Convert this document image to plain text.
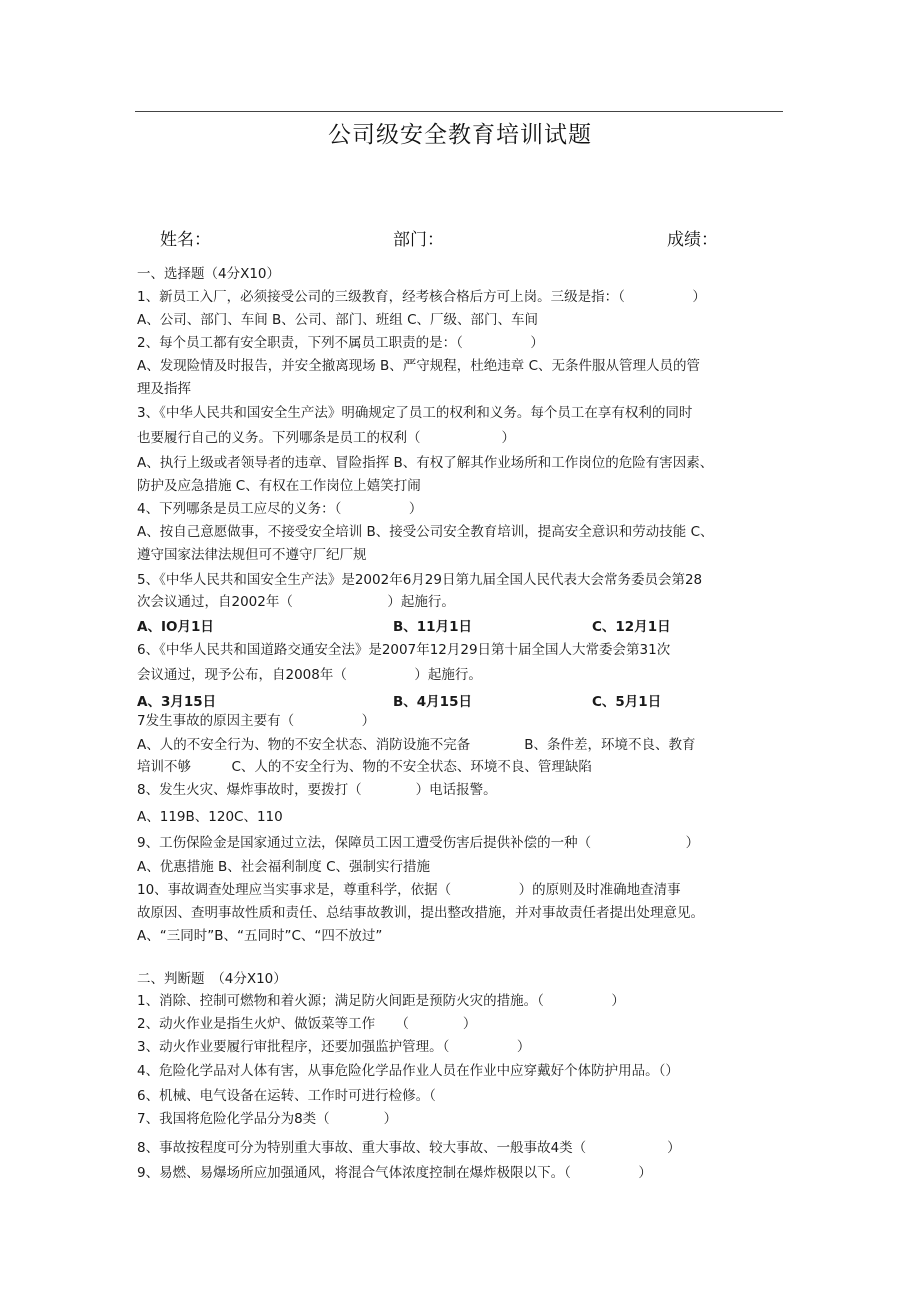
公司级安全教育培训试题
姓名：	部门：	成绩：
一、选择题（4分X10）
1、新员工入厂，必须接受公司的三级教育，经考核合格后方可上岗。三级是指：（　　　　　）
A、公司、部门、车间 B、公司、部门、班组 C、厂级、部门、车间
2、每个员工都有安全职责，下列不属员工职责的是：（　　　　　）
A、发现险情及时报告，并安全撤离现场 B、严守规程，杜绝违章 C、无条件服从管理人员的管
理及指挥
3、《中华人民共和国安全生产法》明确规定了员工的权利和义务。每个员工在享有权利的同时
也要履行自己的义务。下列哪条是员工的权利（　　　　　　）
A、执行上级或者领导者的违章、冒险指挥 B、有权了解其作业场所和工作岗位的危险有害因素、
防护及应急措施 C、有权在工作岗位上嬉笑打闹
4、下列哪条是员工应尽的义务：（　　　　　）
A、按自己意愿做事，不接受安全培训 B、接受公司安全教育培训，提高安全意识和劳动技能 C、
遵守国家法律法规但可不遵守厂纪厂规
5、《中华人民共和国安全生产法》是2002年6月29日第九届全国人民代表大会常务委员会第28
次会议通过，自2002年（　　　　　　　）起施行。
A、IO月1日	B、11月1日	C、12月1日
6、《中华人民共和国道路交通安全法》是2007年12月29日第十届全国人大常委会第31次
会议通过，现予公布，自2008年（　　　　　）起施行。
A、3月15日	B、4月15日	C、5月1日
7发生事故的原因主要有（　　　　　）
A、人的不安全行为、物的不安全状态、消防设施不完备　　　　B、条件差，环境不良、教育
培训不够　　　C、人的不安全行为、物的不安全状态、环境不良、管理缺陷
8、发生火灾、爆炸事故时，要拨打（　　　　）电话报警。
A、119B、120C、110
9、工伤保险金是国家通过立法，保障员工因工遭受伤害后提供补偿的一种（　　　　　　　）
A、优惠措施 B、社会福利制度 C、强制实行措施
10、事故调查处理应当实事求是，尊重科学，依据（　　　　　）的原则及时准确地查清事
故原因、查明事故性质和责任、总结事故教训，提出整改措施，并对事故责任者提出处理意见。
A、“三同时”B、“五同时”C、“四不放过”
二、判断题　（4分X10）
1、消除、控制可燃物和着火源；满足防火间距是预防火灾的措施。（　　　　　）
2、动火作业是指生火炉、做饭菜等工作　　（　　　　）
3、动火作业要履行审批程序，还要加强监护管理。（　　　　　）
4、危险化学品对人体有害，从事危险化学品作业人员在作业中应穿戴好个体防护用品。（）
6、机械、电气设备在运转、工作时可进行检修。（
7、我国将危险化学品分为8类（　　　　）
8、事故按程度可分为特别重大事故、重大事故、较大事故、一般事故4类（　　　　　　）
9、易燃、易爆场所应加强通风，将混合气体浓度控制在爆炸极限以下。（　　　　　）
